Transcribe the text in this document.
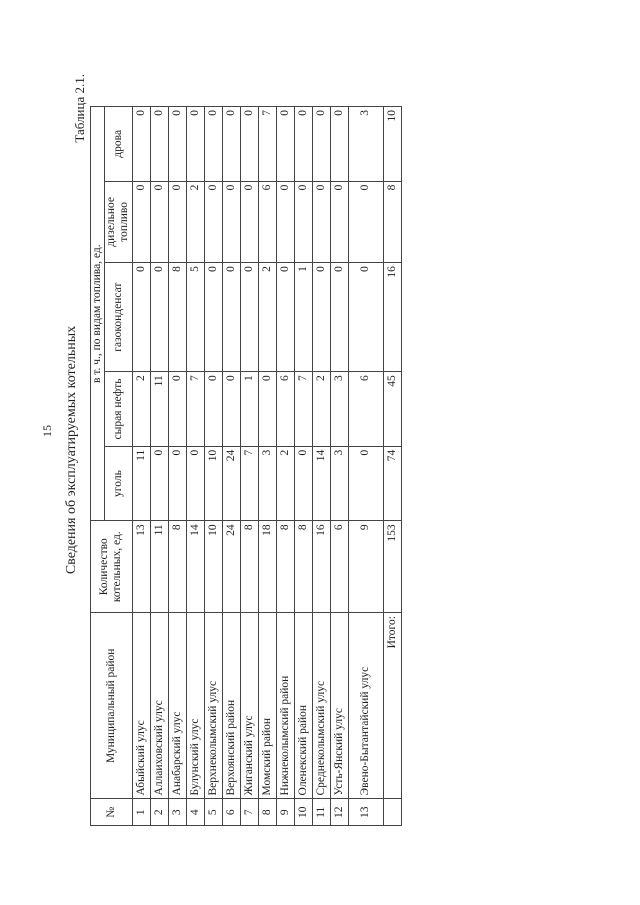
15 Сведения об эксплуатируемых котельных
Таблица 2.1.
№	Муниципальный район	Количество котельных, ед.	в т. ч., по видам топлива, ед.				
			уголь	сырая нефть	газоконденсат	дизельное топливо	дрова
1	Абыйский улус	13	11	2	0	0	0
2	Аллаиховский улус	11	0	11	0	0	0
3	Анабарский улус	8	0	0	8	0	0
4	Булунский улус	14	0	7	5	2	0
5	Верхнеколымский улус	10	10	0	0	0	0
6	Верхоянский район	24	24	0	0	0	0
7	Жиганский улус	8	7	1	0	0	0
8	Момский район	18	3	0	2	6	7
9	Нижнеколымский район	8	2	6	0	0	0
10	Оленекский район	8	0	7	1	0	0
11	Среднеколымский улус	16	14	2	0	0	0
12	Усть-Янский улус	6	3	3	0	0	0
13	Эвено-Бытантайский улус	9	0	6	0	0	3
	Итого:	153	74	45	16	8	10
